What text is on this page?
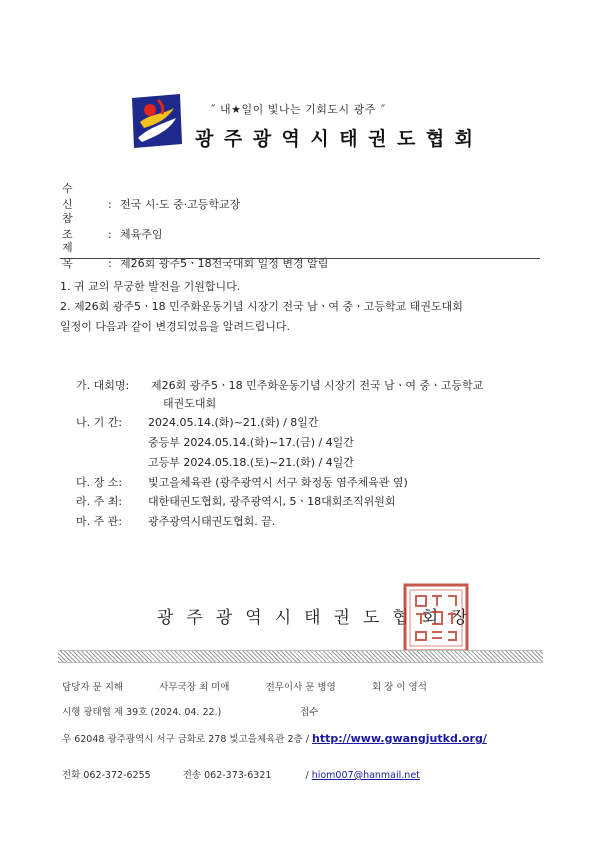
˝ 내★일이 빛나는 기회도시 광주 ˝
광주광역시태권도협회
수 신 : 전국 시·도 중·고등학교장
참 조 : 체육주임
제 목 : 제26회 광주5ㆍ18전국대회 일정 변경 알림
1. 귀 교의 무궁한 발전을 기원합니다.
2. 제26회 광주5ㆍ18 민주화운동기념 시장기 전국 남ㆍ여 중ㆍ고등학교 태권도대회
일정이 다음과 같이 변경되었음을 알려드립니다.
가. 대회명: 제26회 광주5ㆍ18 민주화운동기념 시장기 전국 남ㆍ여 중ㆍ고등학교
태권도대회
나. 기 간: 2024.05.14.(화)~21.(화) / 8일간
중등부 2024.05.14.(화)~17.(금) / 4일간
고등부 2024.05.18.(토)~21.(화) / 4일간
다. 장 소: 빛고을체육관 (광주광역시 서구 화정동 염주체육관 옆)
라. 주 최: 대한태권도협회, 광주광역시, 5ㆍ18대회조직위원회
마. 주 관: 광주광역시태권도협회. 끝.
광주광역시태권도협회장
담당자 문 지해	사무국장 최 미애	전무이사 문 병영	회 장 이 영석
시행 광태협 제 39호 (2024. 04. 22.)	접수
우 62048 광주광역시 서구 금화로 278 빛고을체육관 2층 / http://www.gwangjutkd.org/
전화 062-372-6255	전송 062-373-6321	/ hiom007@hanmail.net
